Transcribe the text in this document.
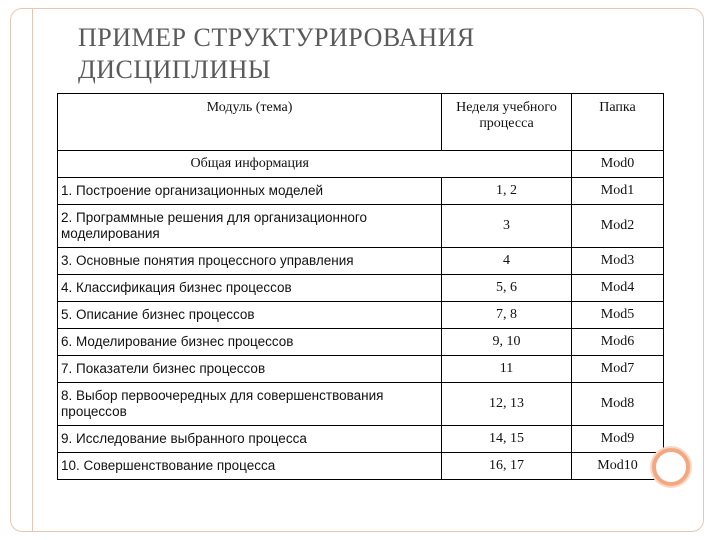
ПРИМЕР СТРУКТУРИРОВАНИЯ
ДИСЦИПЛИНЫ
Модуль (тема)	Неделя учебного процесса	Папка
Общая информация		Mod0
1. Построение организационных моделей	1, 2	Mod1
2. Программные решения для организационного моделирования	3	Mod2
3. Основные понятия процессного управления	4	Mod3
4. Классификация бизнес процессов	5, 6	Mod4
5. Описание бизнес процессов	7, 8	Mod5
6. Моделирование бизнес процессов	9, 10	Mod6
7. Показатели бизнес процессов	11	Mod7
8. Выбор первоочередных для совершенствования процессов	12, 13	Mod8
9. Исследование выбранного процесса	14, 15	Mod9
10. Совершенствование процесса	16, 17	Mod10
